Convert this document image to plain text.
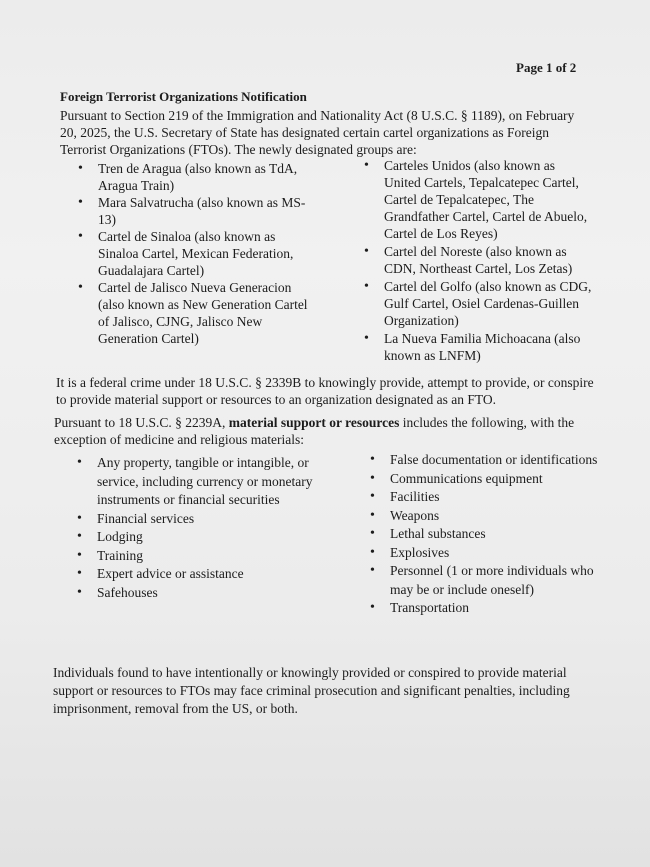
Page 1 of 2
Foreign Terrorist Organizations Notification
Pursuant to Section 219 of the Immigration and Nationality Act (8 U.S.C. § 1189), on February 20, 2025, the U.S. Secretary of State has designated certain cartel organizations as Foreign Terrorist Organizations (FTOs). The newly designated groups are:
• Tren de Aragua (also known as TdA, Aragua Train)
• Mara Salvatrucha (also known as MS-13)
• Cartel de Sinaloa (also known as Sinaloa Cartel, Mexican Federation, Guadalajara Cartel)
• Cartel de Jalisco Nueva Generacion (also known as New Generation Cartel of Jalisco, CJNG, Jalisco New Generation Cartel)
• Carteles Unidos (also known as United Cartels, Tepalcatepec Cartel, Cartel de Tepalcatepec, The Grandfather Cartel, Cartel de Abuelo, Cartel de Los Reyes)
• Cartel del Noreste (also known as CDN, Northeast Cartel, Los Zetas)
• Cartel del Golfo (also known as CDG, Gulf Cartel, Osiel Cardenas-Guillen Organization)
• La Nueva Familia Michoacana (also known as LNFM)
It is a federal crime under 18 U.S.C. § 2339B to knowingly provide, attempt to provide, or conspire to provide material support or resources to an organization designated as an FTO.
Pursuant to 18 U.S.C. § 2239A, material support or resources includes the following, with the exception of medicine and religious materials:
• Any property, tangible or intangible, or service, including currency or monetary instruments or financial securities
• Financial services
• Lodging
• Training
• Expert advice or assistance
• Safehouses
• False documentation or identifications
• Communications equipment
• Facilities
• Weapons
• Lethal substances
• Explosives
• Personnel (1 or more individuals who may be or include oneself)
• Transportation
Individuals found to have intentionally or knowingly provided or conspired to provide material support or resources to FTOs may face criminal prosecution and significant penalties, including imprisonment, removal from the US, or both.
